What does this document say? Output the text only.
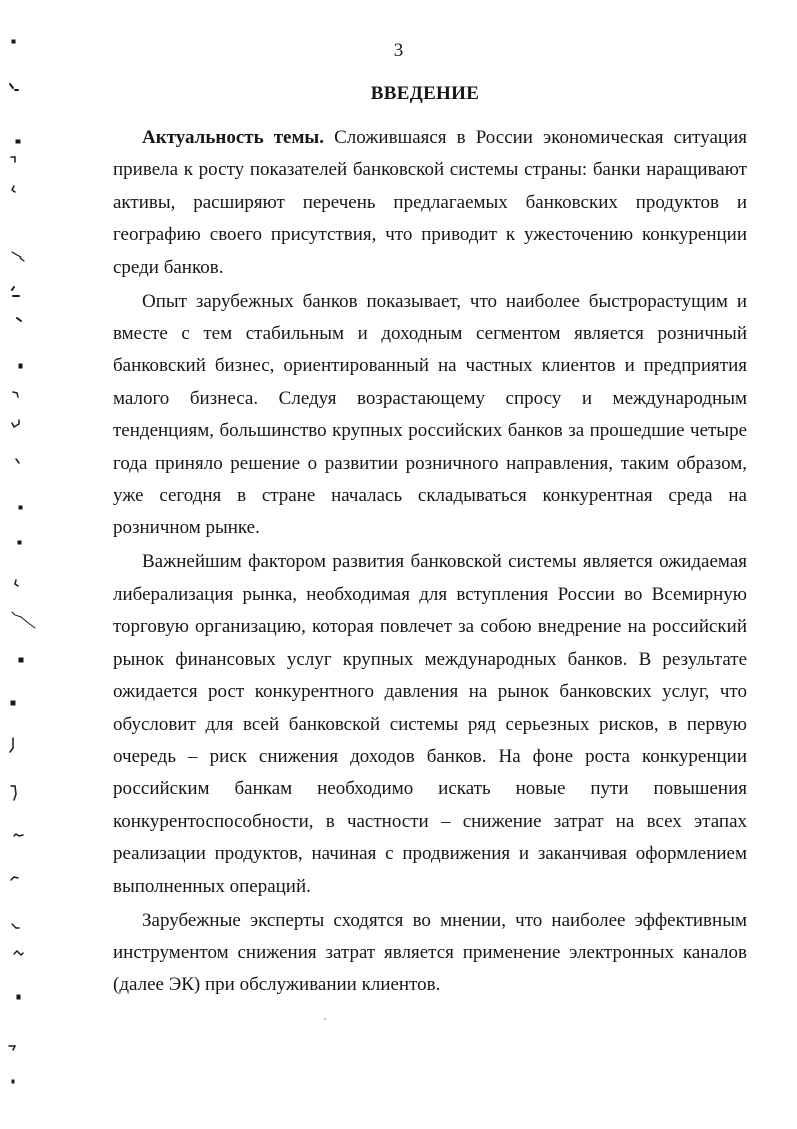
3
ВВЕДЕНИЕ

Актуальность темы. Сложившаяся в России экономическая ситуация привела к росту показателей банковской системы страны: банки наращивают активы, расширяют перечень предлагаемых банковских продуктов и географию своего присутствия, что приводит к ужесточению конкуренции среди банков.

Опыт зарубежных банков показывает, что наиболее быстрорастущим и вместе с тем стабильным и доходным сегментом является розничный банковский бизнес, ориентированный на частных клиентов и предприятия малого бизнеса. Следуя возрастающему спросу и международным тенденциям, большинство крупных российских банков за прошедшие четыре года приняло решение о развитии розничного направления, таким образом, уже сегодня в стране началась складываться конкурентная среда на розничном рынке.

Важнейшим фактором развития банковской системы является ожидаемая либерализация рынка, необходимая для вступления России во Всемирную торговую организацию, которая повлечет за собою внедрение на российский рынок финансовых услуг крупных международных банков. В результате ожидается рост конкурентного давления на рынок банковских услуг, что обусловит для всей банковской системы ряд серьезных рисков, в первую очередь – риск снижения доходов банков. На фоне роста конкуренции российским банкам необходимо искать новые пути повышения конкурентоспособности, в частности – снижение затрат на всех этапах реализации продуктов, начиная с продвижения и заканчивая оформлением выполненных операций.

Зарубежные эксперты сходятся во мнении, что наиболее эффективным инструментом снижения затрат является применение электронных каналов (далее ЭК) при обслуживании клиентов.
